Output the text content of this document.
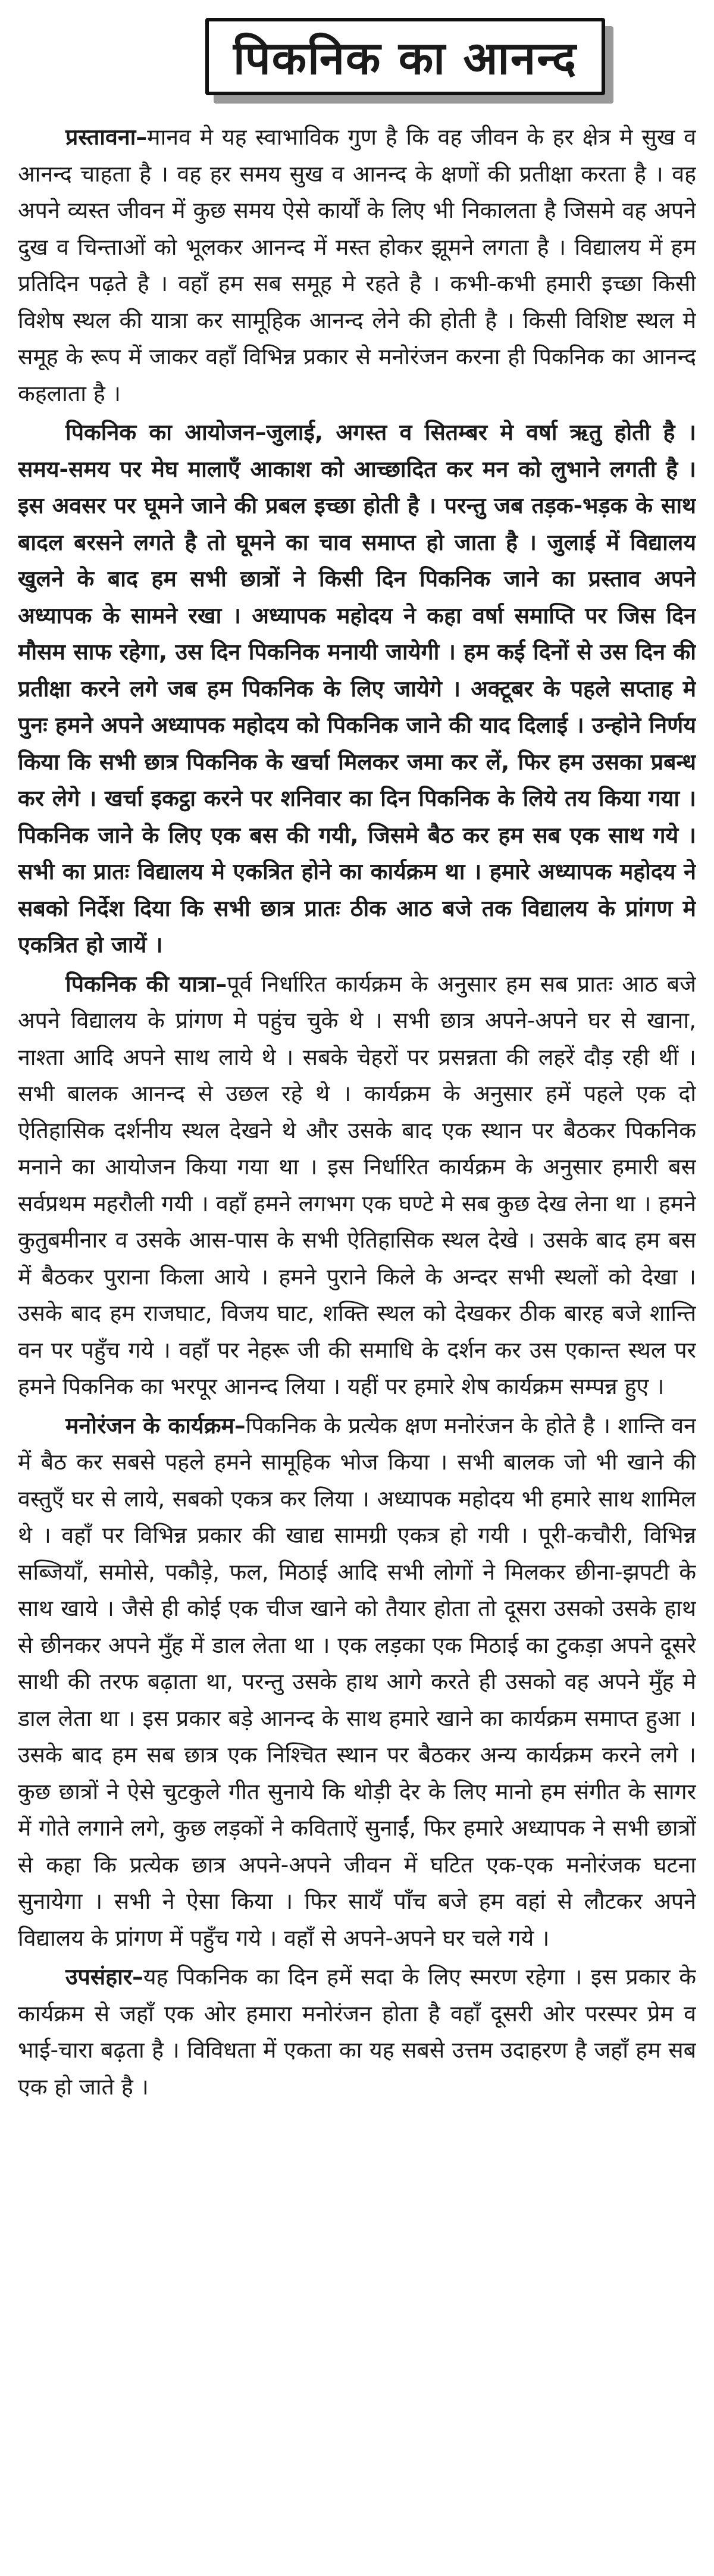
पिकनिक का आनन्द

प्रस्तावना–मानव मे यह स्वाभाविक गुण है कि वह जीवन के हर क्षेत्र मे सुख व आनन्द चाहता है । वह हर समय सुख व आनन्द के क्षणों की प्रतीक्षा करता है । वह अपने व्यस्त जीवन में कुछ समय ऐसे कार्यों के लिए भी निकालता है जिसमे वह अपने दुख व चिन्ताओं को भूलकर आनन्द में मस्त होकर झूमने लगता है । विद्यालय में हम प्रतिदिन पढ़ते है । वहाँ हम सब समूह मे रहते है । कभी-कभी हमारी इच्छा किसी विशेष स्थल की यात्रा कर सामूहिक आनन्द लेने की होती है । किसी विशिष्ट स्थल मे समूह के रूप में जाकर वहाँ विभिन्न प्रकार से मनोरंजन करना ही पिकनिक का आनन्द कहलाता है ।

पिकनिक का आयोजन–जुलाई, अगस्त व सितम्बर मे वर्षा ऋतु होती है । समय-समय पर मेघ मालाएँ आकाश को आच्छादित कर मन को लुभाने लगती है । इस अवसर पर घूमने जाने की प्रबल इच्छा होती है । परन्तु जब तड़क-भड़क के साथ बादल बरसने लगते है तो घूमने का चाव समाप्त हो जाता है । जुलाई में विद्यालय खुलने के बाद हम सभी छात्रों ने किसी दिन पिकनिक जाने का प्रस्ताव अपने अध्यापक के सामने रखा । अध्यापक महोदय ने कहा वर्षा समाप्ति पर जिस दिन मौसम साफ रहेगा, उस दिन पिकनिक मनायी जायेगी । हम कई दिनों से उस दिन की प्रतीक्षा करने लगे जब हम पिकनिक के लिए जायेगे । अक्टूबर के पहले सप्ताह मे पुनः हमने अपने अध्यापक महोदय को पिकनिक जाने की याद दिलाई । उन्होने निर्णय किया कि सभी छात्र पिकनिक के खर्चा मिलकर जमा कर लें, फिर हम उसका प्रबन्ध कर लेगे । खर्चा इकट्ठा करने पर शनिवार का दिन पिकनिक के लिये तय किया गया । पिकनिक जाने के लिए एक बस की गयी, जिसमे बैठ कर हम सब एक साथ गये । सभी का प्रातः विद्यालय मे एकत्रित होने का कार्यक्रम था । हमारे अध्यापक महोदय ने सबको निर्देश दिया कि सभी छात्र प्रातः ठीक आठ बजे तक विद्यालय के प्रांगण मे एकत्रित हो जायें ।

पिकनिक की यात्रा–पूर्व निर्धारित कार्यक्रम के अनुसार हम सब प्रातः आठ बजे अपने विद्यालय के प्रांगण मे पहुंच चुके थे । सभी छात्र अपने-अपने घर से खाना, नाश्ता आदि अपने साथ लाये थे । सबके चेहरों पर प्रसन्नता की लहरें दौड़ रही थीं । सभी बालक आनन्द से उछल रहे थे । कार्यक्रम के अनुसार हमें पहले एक दो ऐतिहासिक दर्शनीय स्थल देखने थे और उसके बाद एक स्थान पर बैठकर पिकनिक मनाने का आयोजन किया गया था । इस निर्धारित कार्यक्रम के अनुसार हमारी बस सर्वप्रथम महरौली गयी । वहाँ हमने लगभग एक घण्टे मे सब कुछ देख लेना था । हमने कुतुबमीनार व उसके आस-पास के सभी ऐतिहासिक स्थल देखे । उसके बाद हम बस में बैठकर पुराना किला आये । हमने पुराने किले के अन्दर सभी स्थलों को देखा । उसके बाद हम राजघाट, विजय घाट, शक्ति स्थल को देखकर ठीक बारह बजे शान्ति वन पर पहुँच गये । वहाँ पर नेहरू जी की समाधि के दर्शन कर उस एकान्त स्थल पर हमने पिकनिक का भरपूर आनन्द लिया । यहीं पर हमारे शेष कार्यक्रम सम्पन्न हुए ।

मनोरंजन के कार्यक्रम–पिकनिक के प्रत्येक क्षण मनोरंजन के होते है । शान्ति वन में बैठ कर सबसे पहले हमने सामूहिक भोज किया । सभी बालक जो भी खाने की वस्तुएँ घर से लाये, सबको एकत्र कर लिया । अध्यापक महोदय भी हमारे साथ शामिल थे । वहाँ पर विभिन्न प्रकार की खाद्य सामग्री एकत्र हो गयी । पूरी-कचौरी, विभिन्न सब्जियाँ, समोसे, पकौड़े, फल, मिठाई आदि सभी लोगों ने मिलकर छीना-झपटी के साथ खाये । जैसे ही कोई एक चीज खाने को तैयार होता तो दूसरा उसको उसके हाथ से छीनकर अपने मुँह में डाल लेता था । एक लड़का एक मिठाई का टुकड़ा अपने दूसरे साथी की तरफ बढ़ाता था, परन्तु उसके हाथ आगे करते ही उसको वह अपने मुँह मे डाल लेता था । इस प्रकार बड़े आनन्द के साथ हमारे खाने का कार्यक्रम समाप्त हुआ । उसके बाद हम सब छात्र एक निश्चित स्थान पर बैठकर अन्य कार्यक्रम करने लगे । कुछ छात्रों ने ऐसे चुटकुले गीत सुनाये कि थोड़ी देर के लिए मानो हम संगीत के सागर में गोते लगाने लगे, कुछ लड़कों ने कविताऐं सुनाईं, फिर हमारे अध्यापक ने सभी छात्रों से कहा कि प्रत्येक छात्र अपने-अपने जीवन में घटित एक-एक मनोरंजक घटना सुनायेगा । सभी ने ऐसा किया । फिर सायँ पाँच बजे हम वहां से लौटकर अपने विद्यालय के प्रांगण में पहुँच गये । वहाँ से अपने-अपने घर चले गये ।

उपसंहार–यह पिकनिक का दिन हमें सदा के लिए स्मरण रहेगा । इस प्रकार के कार्यक्रम से जहाँ एक ओर हमारा मनोरंजन होता है वहाँ दूसरी ओर परस्पर प्रेम व भाई-चारा बढ़ता है । विविधता में एकता का यह सबसे उत्तम उदाहरण है जहाँ हम सब एक हो जाते है ।
